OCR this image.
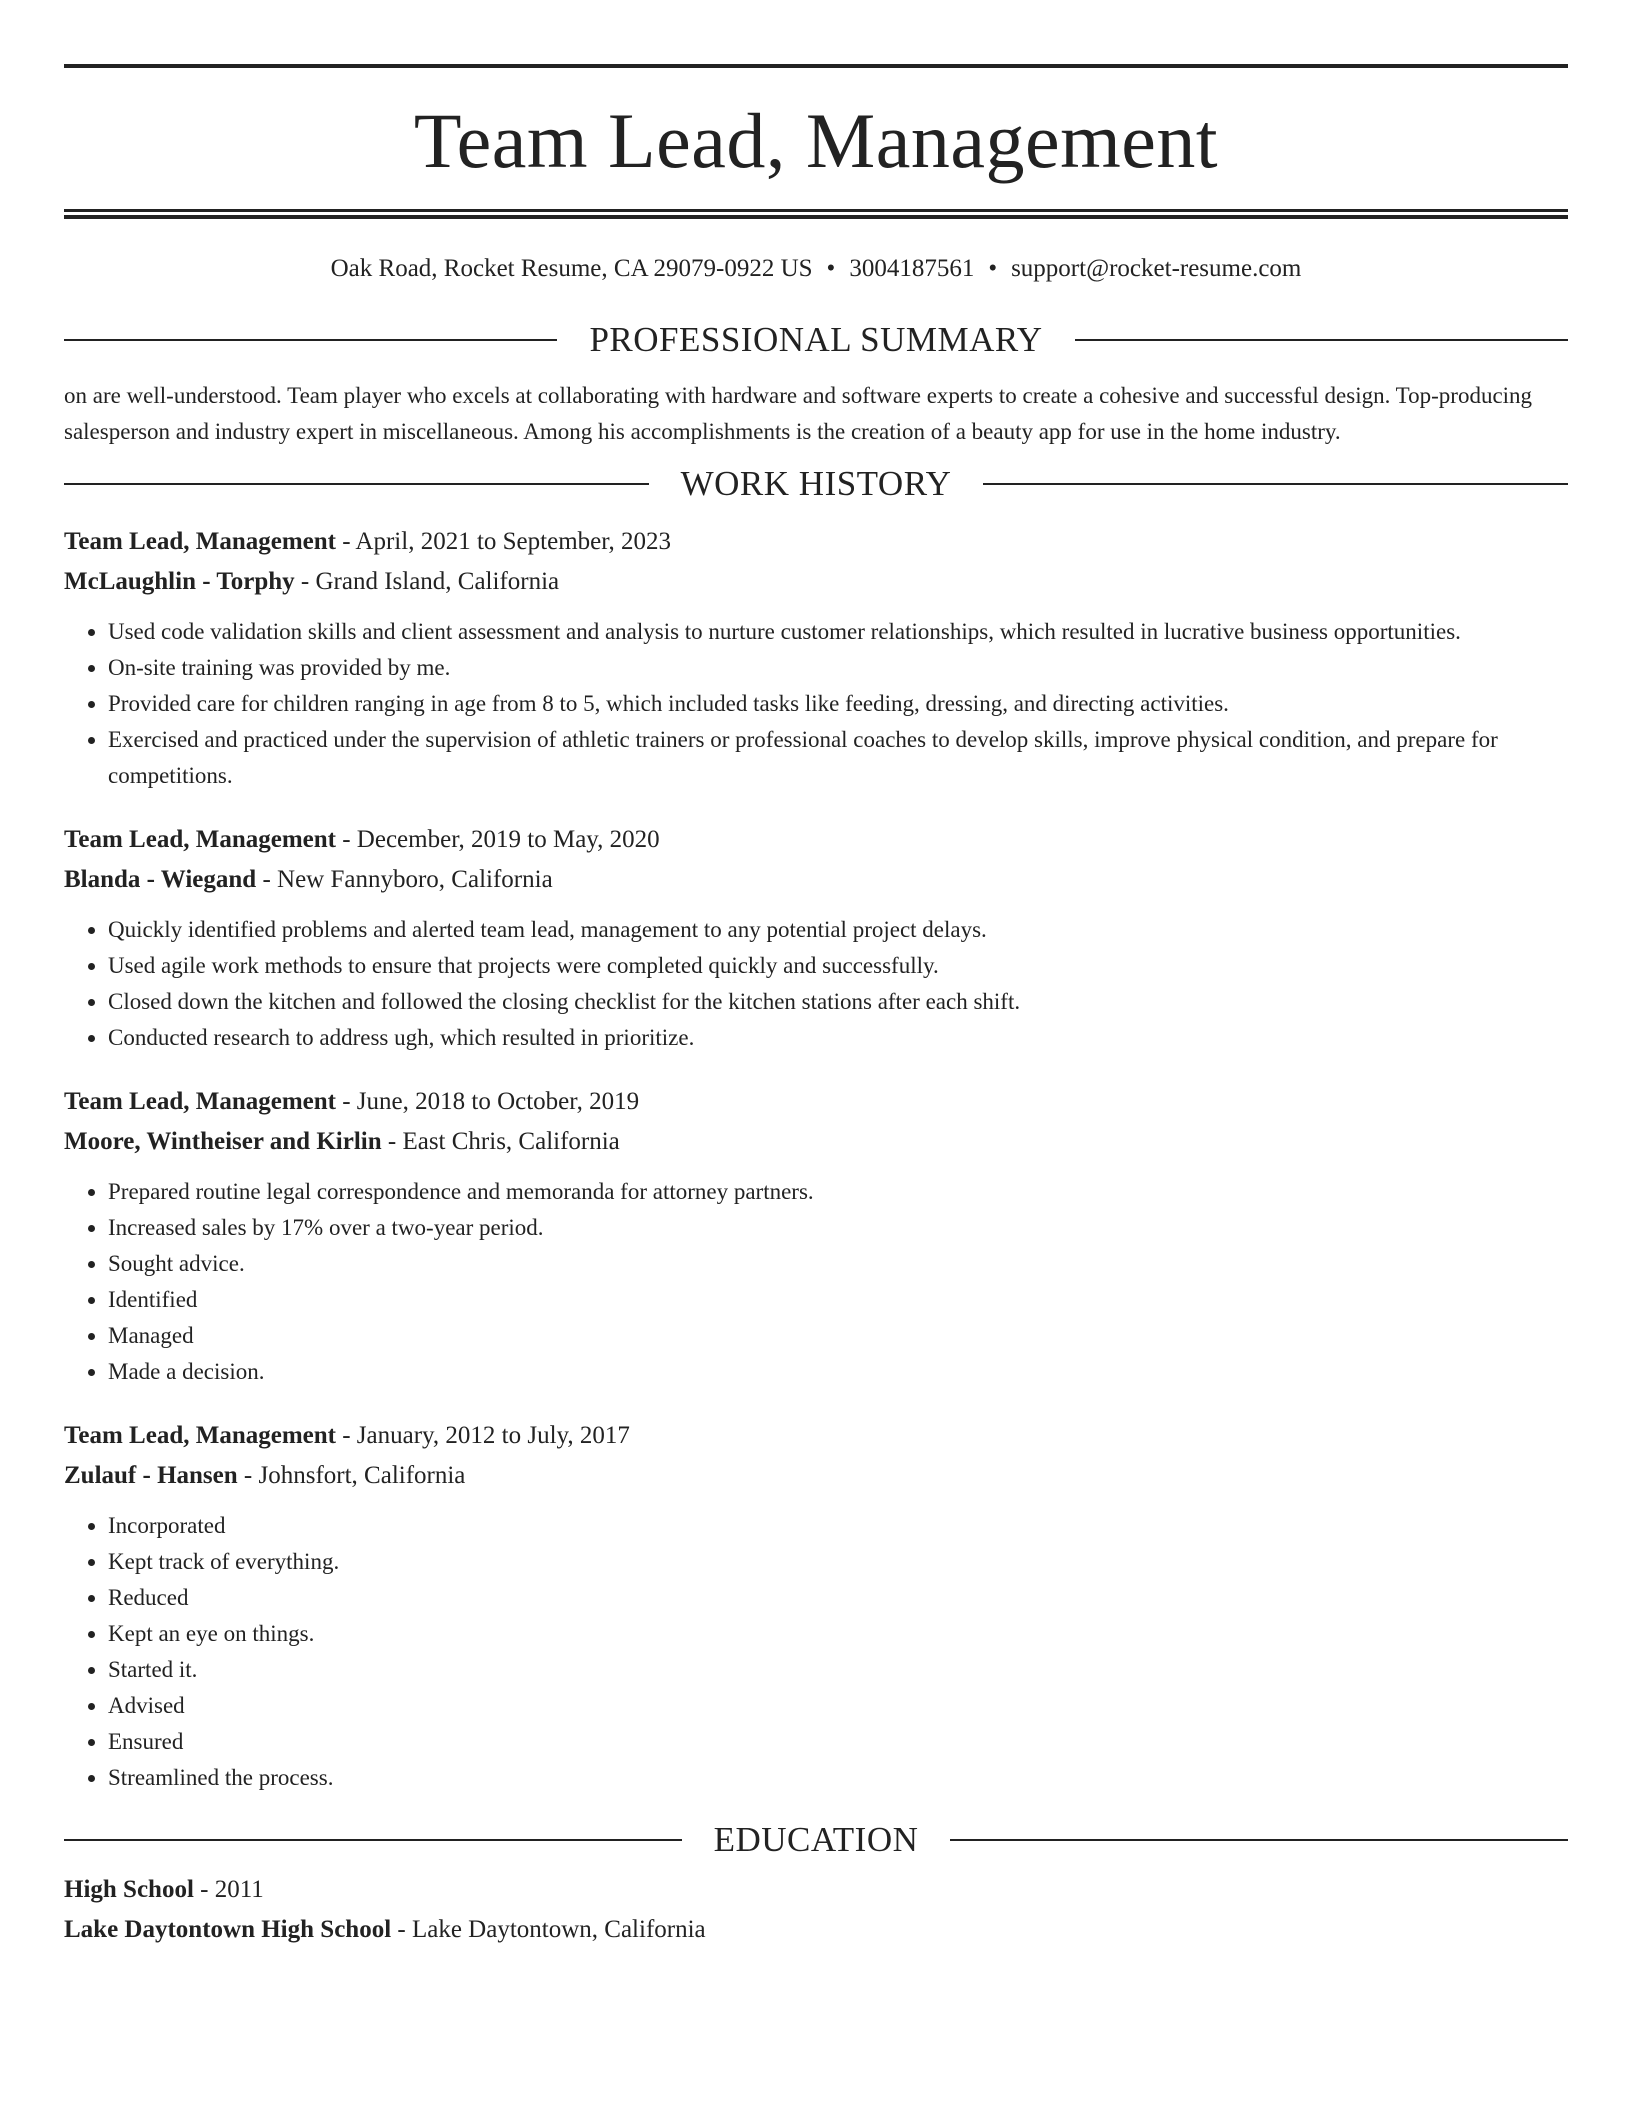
Team Lead, Management
Oak Road, Rocket Resume, CA 29079-0922 US • 3004187561 • support@rocket-resume.com
PROFESSIONAL SUMMARY
on are well-understood. Team player who excels at collaborating with hardware and software experts to create a cohesive and successful design. Top-producing salesperson and industry expert in miscellaneous. Among his accomplishments is the creation of a beauty app for use in the home industry.
WORK HISTORY
Team Lead, Management - April, 2021 to September, 2023
McLaughlin - Torphy - Grand Island, California
• Used code validation skills and client assessment and analysis to nurture customer relationships, which resulted in lucrative business opportunities.
• On-site training was provided by me.
• Provided care for children ranging in age from 8 to 5, which included tasks like feeding, dressing, and directing activities.
• Exercised and practiced under the supervision of athletic trainers or professional coaches to develop skills, improve physical condition, and prepare for competitions.
Team Lead, Management - December, 2019 to May, 2020
Blanda - Wiegand - New Fannyboro, California
• Quickly identified problems and alerted team lead, management to any potential project delays.
• Used agile work methods to ensure that projects were completed quickly and successfully.
• Closed down the kitchen and followed the closing checklist for the kitchen stations after each shift.
• Conducted research to address ugh, which resulted in prioritize.
Team Lead, Management - June, 2018 to October, 2019
Moore, Wintheiser and Kirlin - East Chris, California
• Prepared routine legal correspondence and memoranda for attorney partners.
• Increased sales by 17% over a two-year period.
• Sought advice.
• Identified
• Managed
• Made a decision.
Team Lead, Management - January, 2012 to July, 2017
Zulauf - Hansen - Johnsfort, California
• Incorporated
• Kept track of everything.
• Reduced
• Kept an eye on things.
• Started it.
• Advised
• Ensured
• Streamlined the process.
EDUCATION
High School - 2011
Lake Daytontown High School - Lake Daytontown, California
